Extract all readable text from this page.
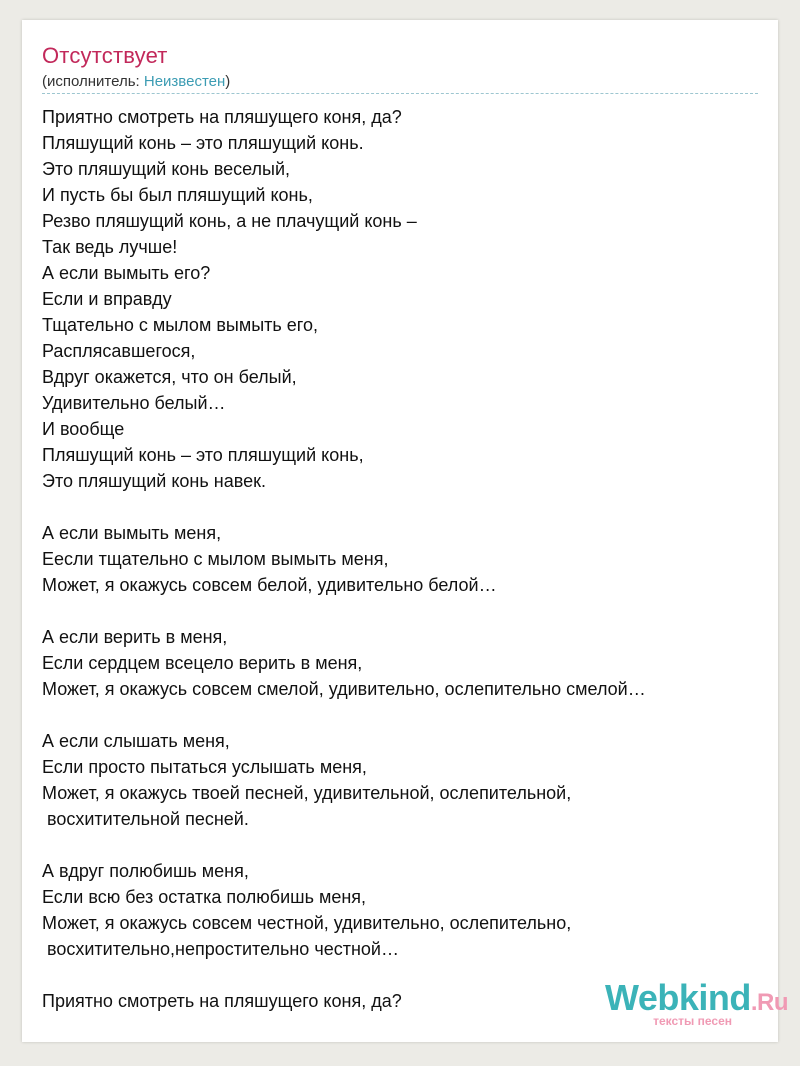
Отсутствует
(исполнитель: Неизвестен)
Приятно смотреть на пляшущего коня, да?
Пляшущий конь – это пляшущий конь.
Это пляшущий конь веселый,
И пусть бы был пляшущий конь,
Резво пляшущий конь, а не плачущий конь –
Так ведь лучше!
А если вымыть его?
Если и вправду
Тщательно с мылом вымыть его,
Расплясавшегося,
Вдруг окажется, что он белый,
Удивительно белый…
И вообще
Пляшущий конь – это пляшущий конь,
Это пляшущий конь навек.
А если вымыть меня,
Еесли тщательно с мылом вымыть меня,
Может, я окажусь совсем белой, удивительно белой…
А если верить в меня,
Если сердцем всецело верить в меня,
Может, я окажусь совсем смелой, удивительно, ослепительно смелой…
А если слышать меня,
Если просто пытаться услышать меня,
Может, я окажусь твоей песней, удивительной, ослепительной,
восхитительной песней.
А вдруг полюбишь меня,
Если всю без остатка полюбишь меня,
Может, я окажусь совсем честной, удивительно, ослепительно,
восхитительно,непростительно честной…
Приятно смотреть на пляшущего коня, да?	Webkind.Ru
тексты песен
